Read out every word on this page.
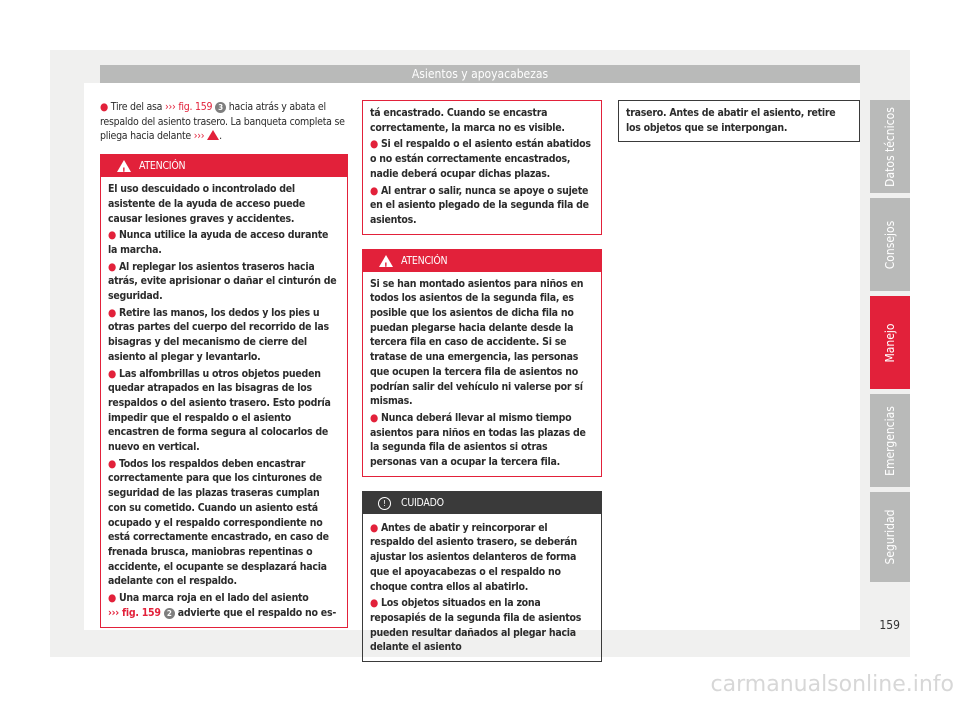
Asientos y apoyacabezas

● Tire del asa ››› fig. 159 3 hacia atrás y abata el respaldo del asiento trasero. La banqueta completa se pliega hacia delante ››› .

!
ATENCIÓN
El uso descuidado o incontrolado del asistente de la ayuda de acceso puede causar lesiones graves y accidentes.
● Nunca utilice la ayuda de acceso durante la marcha.
● Al replegar los asientos traseros hacia atrás, evite aprisionar o dañar el cinturón de seguridad.
● Retire las manos, los dedos y los pies u otras partes del cuerpo del recorrido de las bisagras y del mecanismo de cierre del asiento al plegar y levantarlo.
● Las alfombrillas u otros objetos pueden quedar atrapados en las bisagras de los respaldos o del asiento trasero. Esto podría impedir que el respaldo o el asiento encastren de forma segura al colocarlos de nuevo en vertical.
● Todos los respaldos deben encastrar correctamente para que los cinturones de seguridad de las plazas traseras cumplan con su cometido. Cuando un asiento está ocupado y el respaldo correspondiente no está correctamente encastrado, en caso de frenada brusca, maniobras repentinas o accidente, el ocupante se desplazará hacia adelante con el respaldo.
● Una marca roja en el lado del asiento
››› fig. 159 2 advierte que el respaldo no es-
tá encastrado. Cuando se encastra correctamente, la marca no es visible.
● Si el respaldo o el asiento están abatidos o no están correctamente encastrados, nadie deberá ocupar dichas plazas.
● Al entrar o salir, nunca se apoye o sujete en el asiento plegado de la segunda fila de asientos.
!
ATENCIÓN
Si se han montado asientos para niños en todos los asientos de la segunda fila, es posible que los asientos de dicha fila no puedan plegarse hacia delante desde la tercera fila en caso de accidente. Si se tratase de una emergencia, las personas que ocupen la tercera fila de asientos no podrían salir del vehículo ni valerse por sí mismas.
● Nunca deberá llevar al mismo tiempo asientos para niños en todas las plazas de la segunda fila de asientos si otras personas van a ocupar la tercera fila.
!	CUIDADO
● Antes de abatir y reincorporar el respaldo del asiento trasero, se deberán ajustar los asientos delanteros de forma que el apoyacabezas o el respaldo no choque contra ellos al abatirlo.
● Los objetos situados en la zona reposapiés de la segunda fila de asientos pueden resultar dañados al plegar hacia delante el asiento
trasero. Antes de abatir el asiento, retire los objetos que se interpongan.	Datos técnicos
Consejos
Manejo
Emergencias
Seguridad
159
carmanualsonline.info
